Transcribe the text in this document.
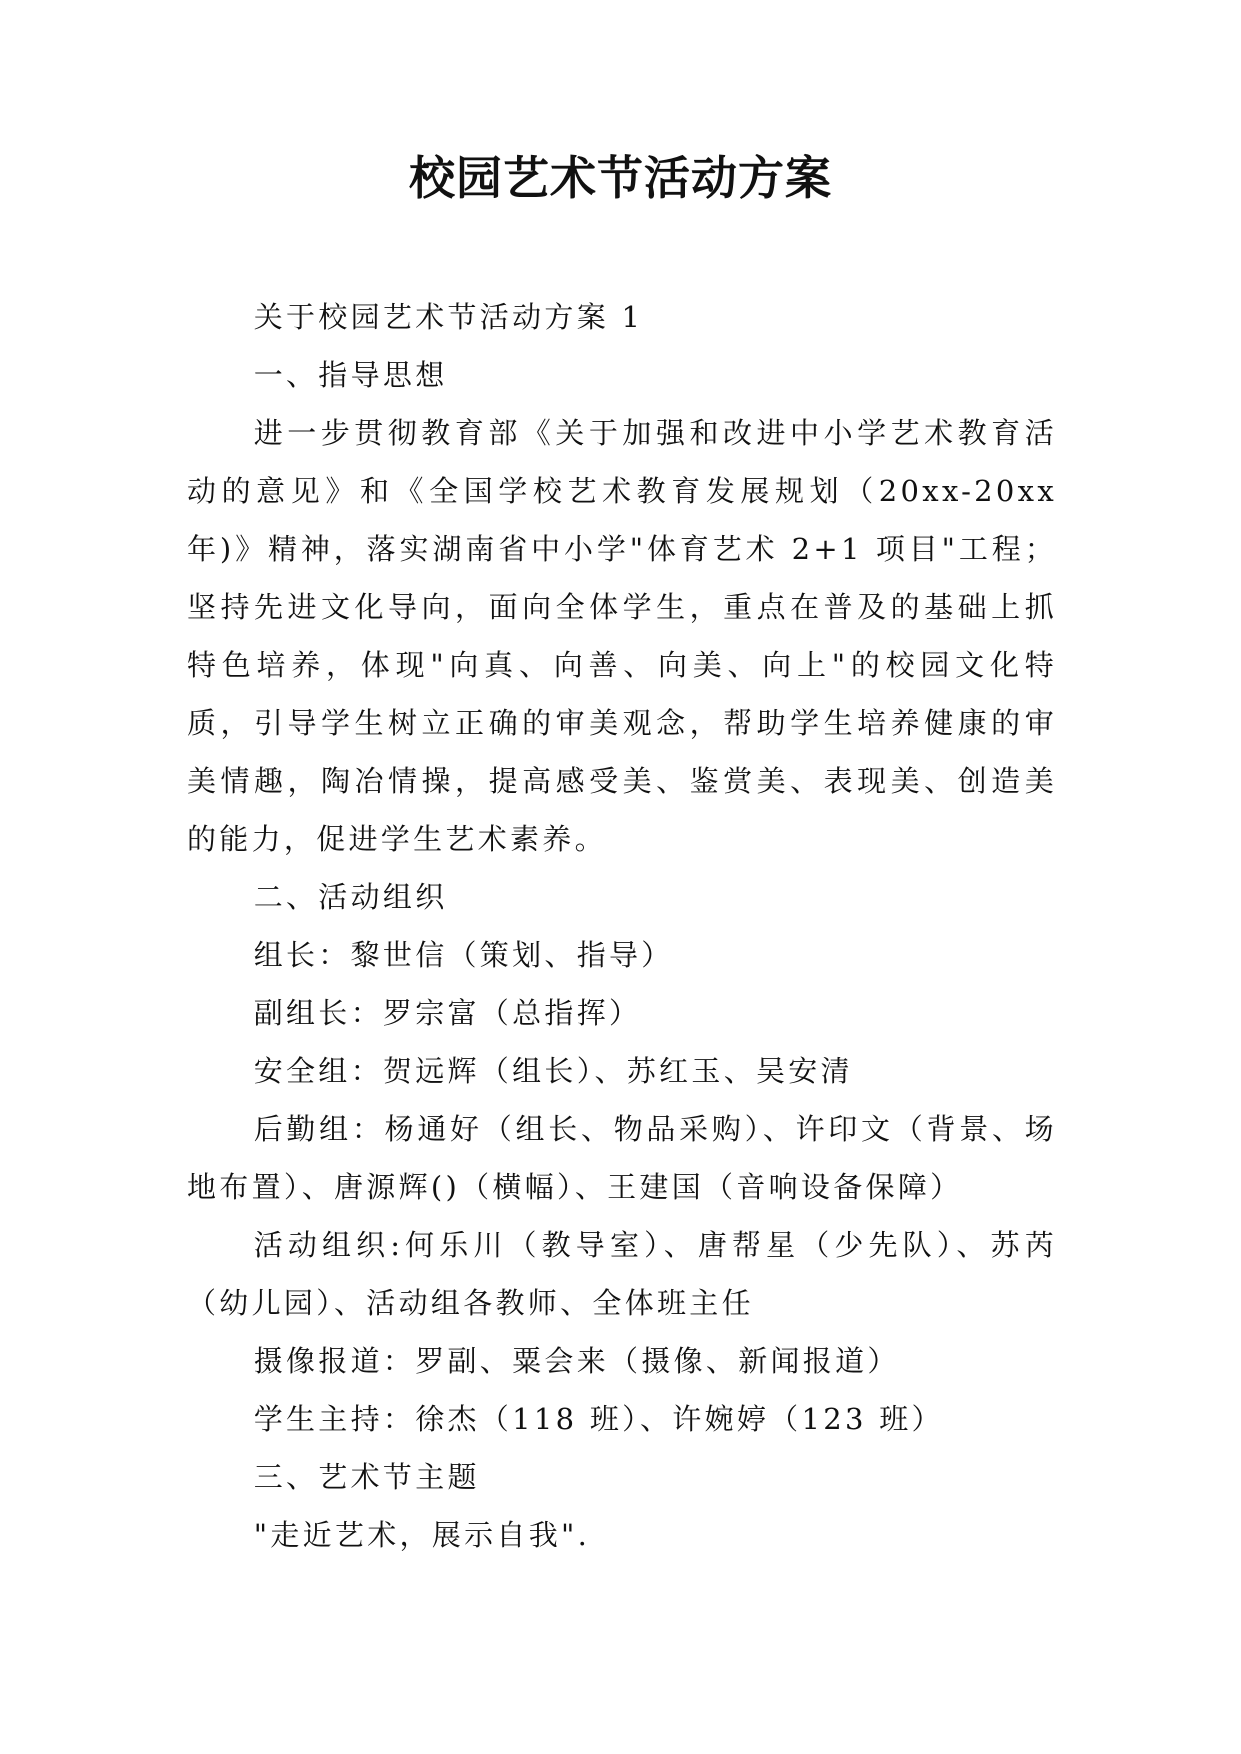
校园艺术节活动方案

关于校园艺术节活动方案 1

一、指导思想

进一步贯彻教育部《关于加强和改进中小学艺术教育活动的意见》和《全国学校艺术教育发展规划（20xx-20xx年)》精神，落实湖南省中小学"体育艺术 2+1 项目"工程；坚持先进文化导向，面向全体学生，重点在普及的基础上抓特色培养，体现"向真、向善、向美、向上"的校园文化特质，引导学生树立正确的审美观念，帮助学生培养健康的审美情趣，陶冶情操，提高感受美、鉴赏美、表现美、创造美的能力，促进学生艺术素养。

二、活动组织

组长：黎世信（策划、指导）

副组长：罗宗富（总指挥）

安全组：贺远辉（组长）、苏红玉、吴安清

后勤组：杨通好（组长、物品采购）、许印文（背景、场地布置）、唐源辉()（横幅）、王建国（音响设备保障）

活动组织:何乐川（教导室）、唐帮星（少先队）、苏芮（幼儿园）、活动组各教师、全体班主任

摄像报道：罗副、粟会来（摄像、新闻报道）

学生主持：徐杰（118 班）、许婉婷（123 班）

三、艺术节主题

"走近艺术，展示自我".
